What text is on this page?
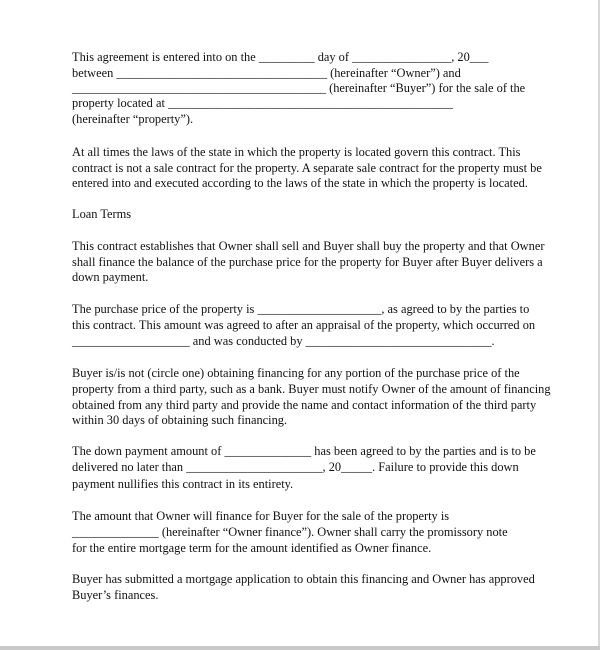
This agreement is entered into on the _________ day of ________________, 20___
between __________________________________ (hereinafter “Owner”) and
_________________________________________ (hereinafter “Buyer”) for the sale of the
property located at ______________________________________________
(hereinafter “property”).
At all times the laws of the state in which the property is located govern this contract. This
contract is not a sale contract for the property. A separate sale contract for the property must be
entered into and executed according to the laws of the state in which the property is located.
Loan Terms
This contract establishes that Owner shall sell and Buyer shall buy the property and that Owner
shall finance the balance of the purchase price for the property for Buyer after Buyer delivers a
down payment.
The purchase price of the property is ____________________, as agreed to by the parties to
this contract. This amount was agreed to after an appraisal of the property, which occurred on
___________________ and was conducted by ______________________________.
Buyer is/is not (circle one) obtaining financing for any portion of the purchase price of the
property from a third party, such as a bank. Buyer must notify Owner of the amount of financing
obtained from any third party and provide the name and contact information of the third party
within 30 days of obtaining such financing.
The down payment amount of ______________ has been agreed to by the parties and is to be
delivered no later than ______________________, 20_____. Failure to provide this down
payment nullifies this contract in its entirety.
The amount that Owner will finance for Buyer for the sale of the property is
______________ (hereinafter “Owner finance”). Owner shall carry the promissory note
for the entire mortgage term for the amount identified as Owner finance.
Buyer has submitted a mortgage application to obtain this financing and Owner has approved
Buyer’s finances.
